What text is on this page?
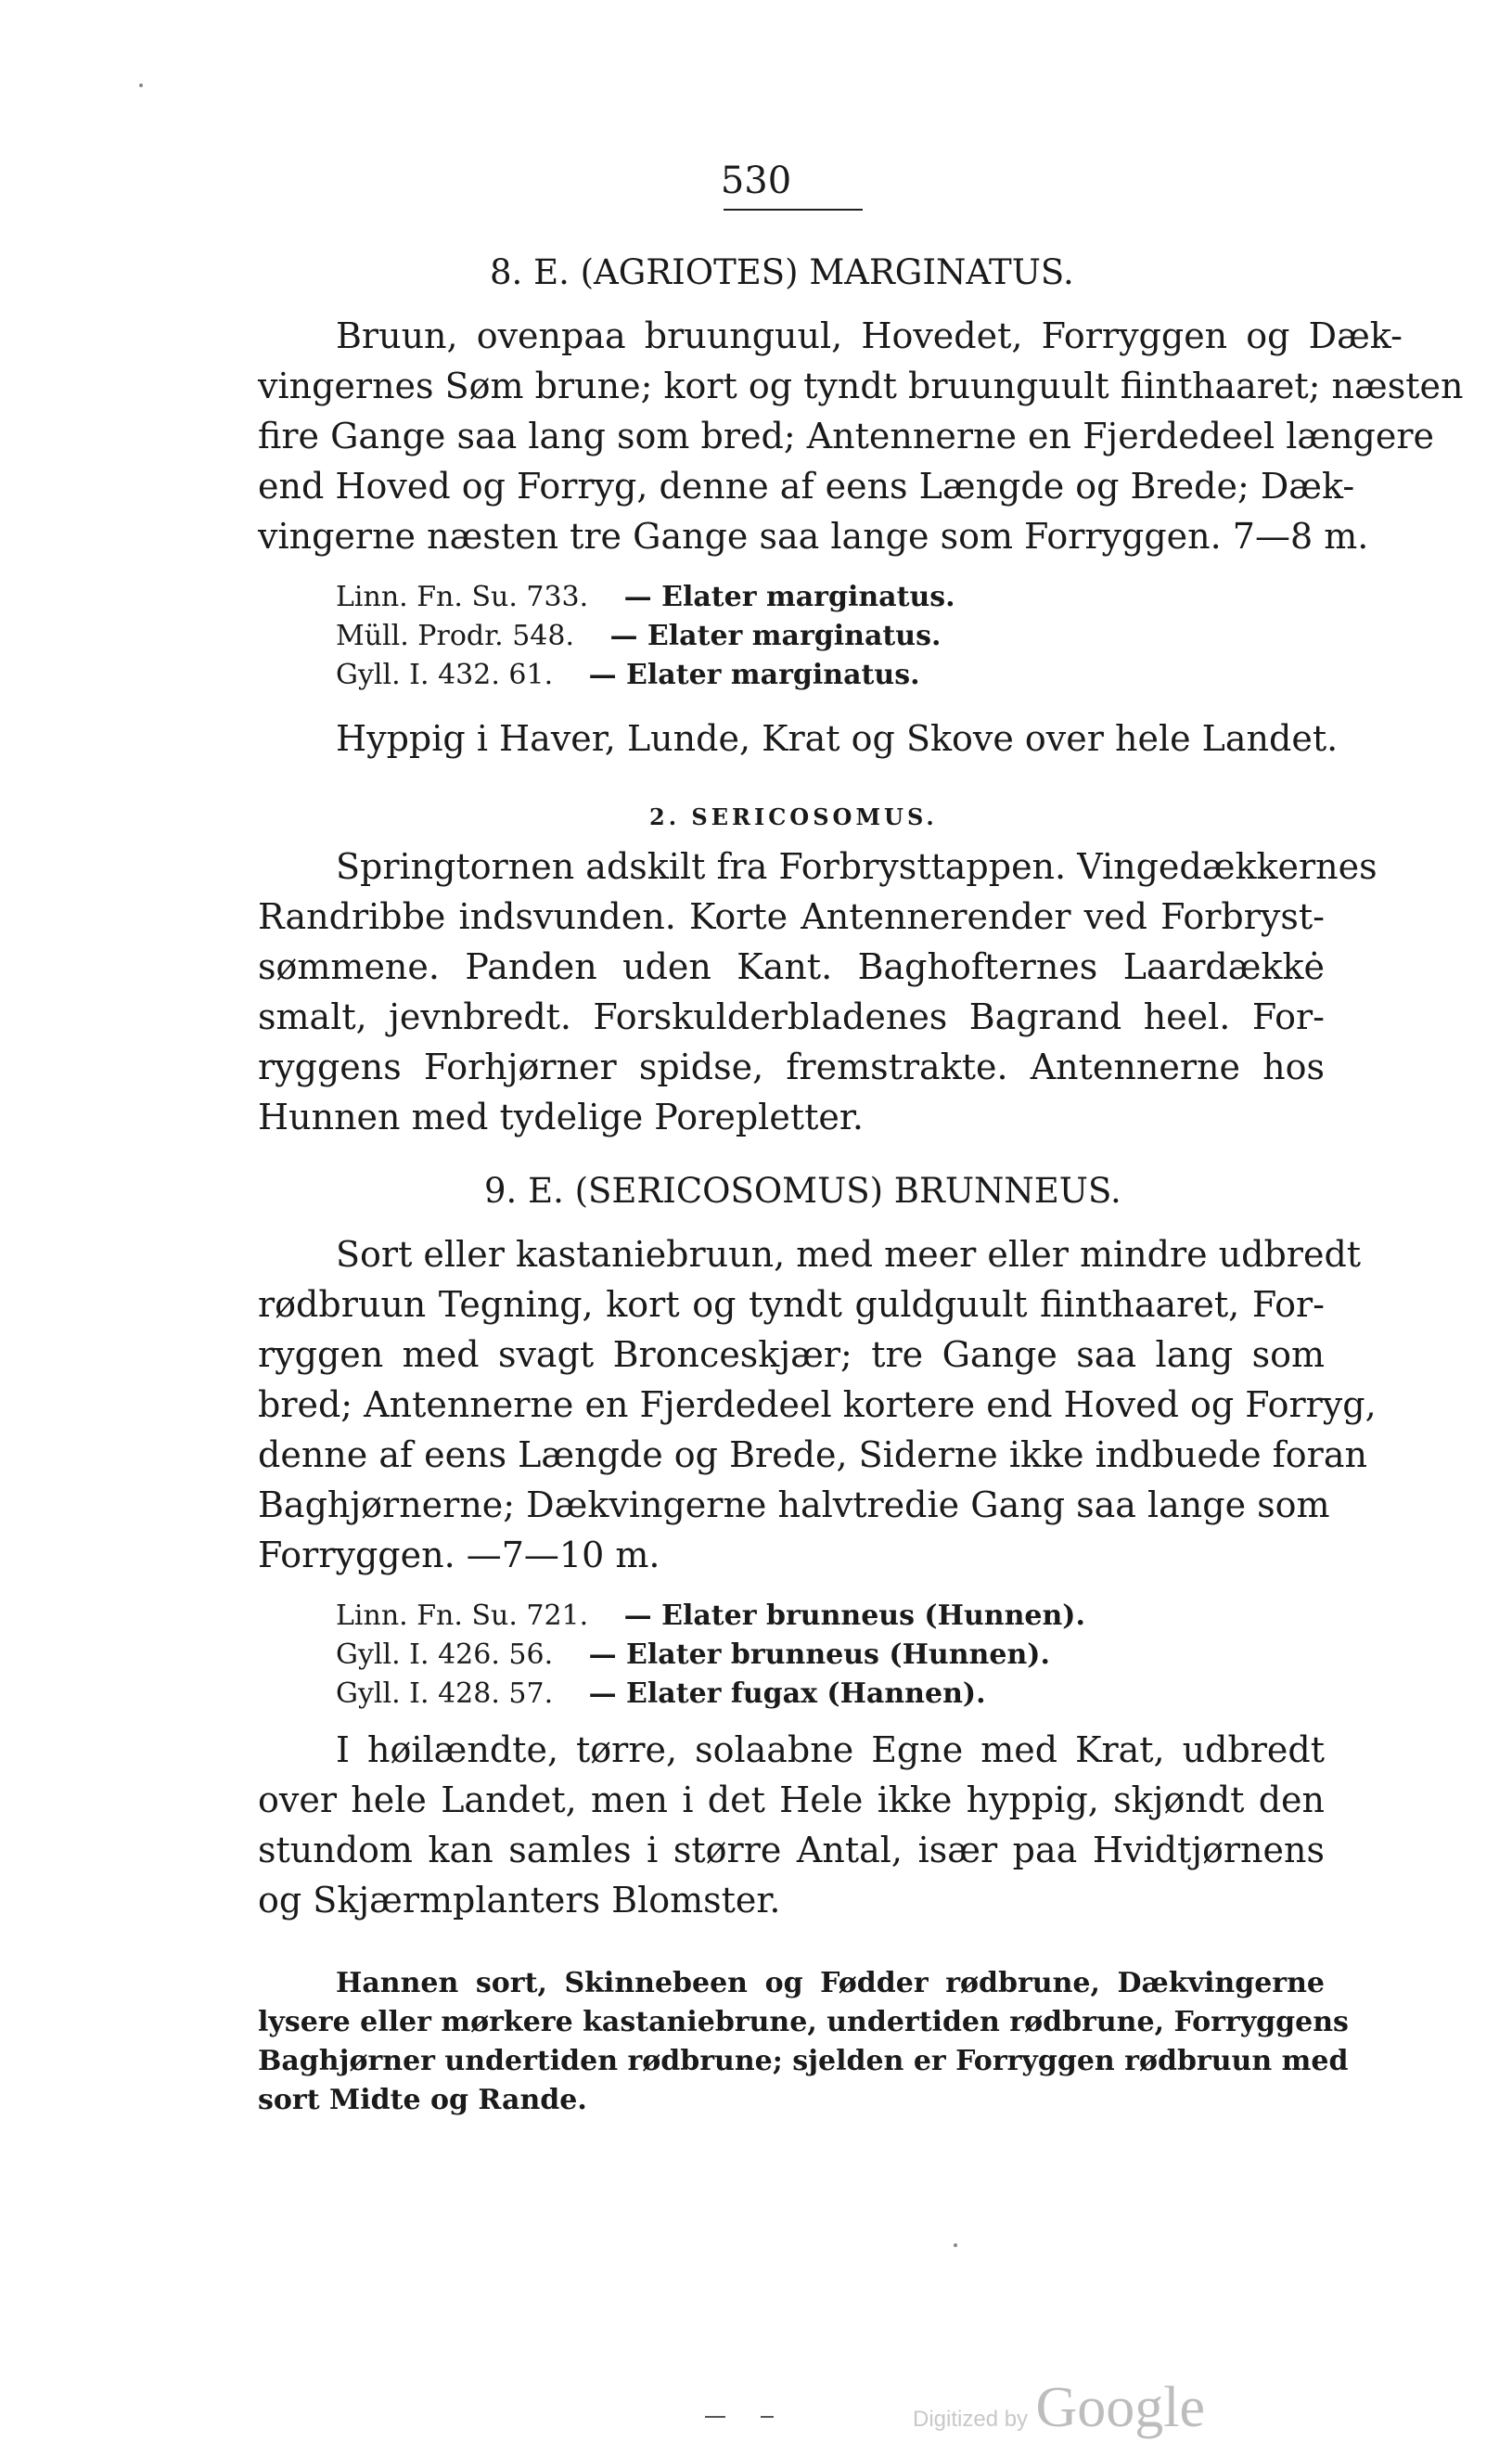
530
8. E. (AGRIOTES) MARGINATUS.
Bruun, ovenpaa bruunguul, Hovedet, Forryggen og Dæk-
vingernes Søm brune; kort og tyndt bruunguult fiinthaaret; næsten
fire Gange saa lang som bred; Antennerne en Fjerdedeel længere
end Hoved og Forryg, denne af eens Længde og Brede; Dæk-
vingerne næsten tre Gange saa lange som Forryggen. 7—8 m.
Linn. Fn. Su. 733. — Elater marginatus.
Müll. Prodr. 548. — Elater marginatus.
Gyll. I. 432. 61. — Elater marginatus.
Hyppig i Haver, Lunde, Krat og Skove over hele Landet.
2. SERICOSOMUS.
Springtornen adskilt fra Forbrysttappen. Vingedækkernes
Randribbe indsvunden. Korte Antennerender ved Forbryst-
sømmene. Panden uden Kant. Baghofternes Laardækkė
smalt, jevnbredt. Forskulderbladenes Bagrand heel. For-
ryggens Forhjørner spidse, fremstrakte. Antennerne hos
Hunnen med tydelige Porepletter.
9. E. (SERICOSOMUS) BRUNNEUS.
Sort eller kastaniebruun, med meer eller mindre udbredt
rødbruun Tegning, kort og tyndt guldguult fiinthaaret, For-
ryggen med svagt Bronceskjær; tre Gange saa lang som
bred; Antennerne en Fjerdedeel kortere end Hoved og Forryg,
denne af eens Længde og Brede, Siderne ikke indbuede foran
Baghjørnerne; Dækvingerne halvtredie Gang saa lange som
Forryggen. —7—10 m.
Linn. Fn. Su. 721. — Elater brunneus (Hunnen).
Gyll. I. 426. 56. — Elater brunneus (Hunnen).
Gyll. I. 428. 57. — Elater fugax (Hannen).
I høilændte, tørre, solaabne Egne med Krat, udbredt
over hele Landet, men i det Hele ikke hyppig, skjøndt den
stundom kan samles i større Antal, især paa Hvidtjørnens
og Skjærmplanters Blomster.
Hannen sort, Skinnebeen og Fødder rødbrune, Dækvingerne
lysere eller mørkere kastaniebrune, undertiden rødbrune, Forryggens
Baghjørner undertiden rødbrune; sjelden er Forryggen rødbruun med
sort Midte og Rande.
Digitized by Google
